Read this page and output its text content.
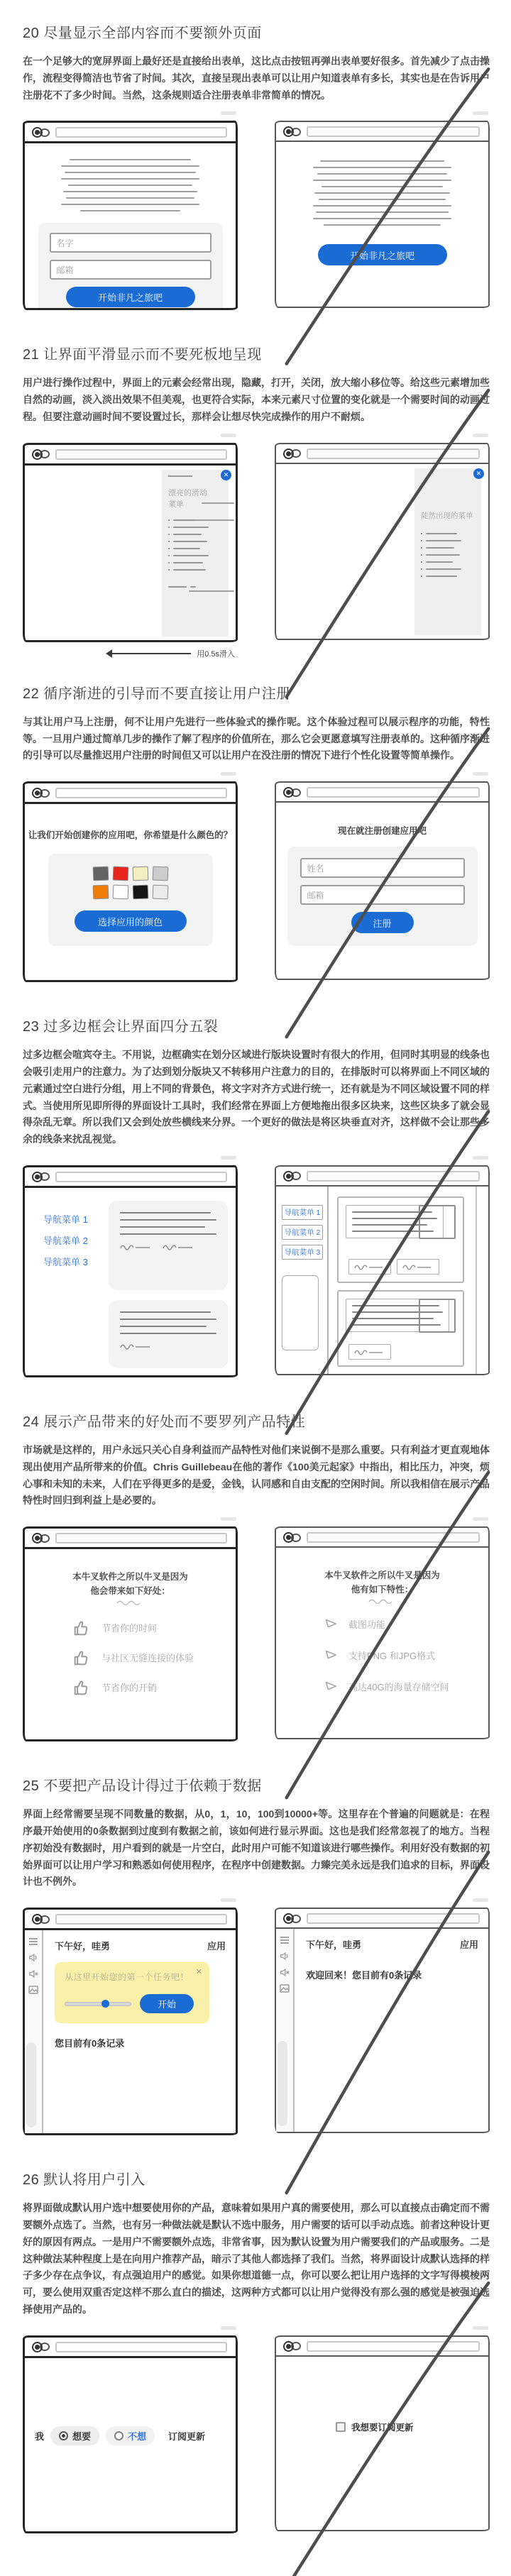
20 尽量显示全部内容而不要额外页面

在一个足够大的宽屏界面上最好还是直接给出表单，这比点击按钮再弹出表单要好很多。首先减少了点击操作，流程变得简洁也节省了时间。其次，直接呈现出表单可以让用户知道表单有多长，其实也是在告诉用户注册花不了多少时间。当然，这条规则适合注册表单非常简单的情况。

名字
邮箱
开始非凡之旅吧
开始非凡之旅吧
21 让界面平滑显示而不要死板地呈现

用户进行操作过程中，界面上的元素会经常出现，隐藏，打开，关闭，放大缩小移位等。给这些元素增加些自然的动画，淡入淡出效果不但美观，也更符合实际，本来元素尺寸位置的变化就是一个需要时间的动画过程。但要注意动画时间不要设置过长，那样会让想尽快完成操作的用户不耐烦。

✕
漂亮的滑动菜单
用0.5s滑入
✕
陡然出现的菜单
22 循序渐进的引导而不要直接让用户注册

与其让用户马上注册，何不让用户先进行一些体验式的操作呢。这个体验过程可以展示程序的功能，特性等。一旦用户通过简单几步的操作了解了程序的价值所在，那么它会更愿意填写注册表单的。这种循序渐进的引导可以尽量推迟用户注册的时间但又可以让用户在没注册的情况下进行个性化设置等简单操作。

让我们开始创建你的应用吧，你希望是什么颜色的？
选择应用的颜色
现在就注册创建应用吧
姓名
邮箱
注册
23 过多边框会让界面四分五裂

过多边框会喧宾夺主。不用说，边框确实在划分区域进行版块设置时有很大的作用，但同时其明显的线条也会吸引走用户的注意力。为了达到划分版块又不转移用户注意力的目的，在排版时可以将界面上不同区域的元素通过空白进行分组，用上不同的背景色，将文字对齐方式进行统一，还有就是为不同区域设置不同的样式。当使用所见即所得的界面设计工具时，我们经常在界面上方便地拖出很多区块来，这些区块多了就会显得杂乱无章。所以我们又会到处放些横线来分界。一个更好的做法是将区块垂直对齐，这样做不会让那些多余的线条来扰乱视觉。

导航菜单 1
导航菜单 2
导航菜单 3
导航菜单 1
导航菜单 2
导航菜单 3
24 展示产品带来的好处而不要罗列产品特性

市场就是这样的，用户永远只关心自身利益而产品特性对他们来说倒不是那么重要。只有利益才更直观地体现出使用产品所带来的价值。Chris Guillebeau在他的著作《100美元起家》中指出，相比压力，冲突，烦心事和未知的未来，人们在乎得更多的是爱，金钱，认同感和自由支配的空闲时间。所以我相信在展示产品特性时回归到利益上是必要的。

本牛叉软件之所以牛叉是因为
他会带来如下好处：
节省你的时间
与社区无缝连接的体验
节省你的开销
本牛叉软件之所以牛叉是因为
他有如下特性：
截图功能
支持PNG 和JPG格式
高达40G的海量存储空间
25 不要把产品设计得过于依赖于数据

界面上经常需要呈现不同数量的数据，从0，1，10，100到10000+等。这里存在个普遍的问题就是：在程序最开始使用的0条数据到过度到有数据之前，该如何进行显示界面。这也是我们经常忽视了的地方。当程序初始没有数据时，用户看到的就是一片空白，此时用户可能不知道该进行哪些操作。利用好没有数据的初始界面可以让用户学习和熟悉如何使用程序，在程序中创建数据。力臻完美永远是我们追求的目标，界面设计也不例外。

下午好，哇勇	应用
✕
从这里开始您的第一个任务吧！
开始
您目前有0条记录
下午好，哇勇	应用
欢迎回来！您目前有0条记录
26 默认将用户引入

将界面做成默认用户选中想要使用你的产品，意味着如果用户真的需要使用，那么可以直接点击确定而不需要额外点选了。当然，也有另一种做法就是默认不选中服务，用户需要的话可以手动点选。前者这种设计更好的原因有两点。一是用户不需要额外点选，非常省事，因为默认设置为用户需要我们的产品或服务。二是这种做法某种程度上是在向用户推荐产品，暗示了其他人都选择了我们。当然，将界面设计成默认选择的样子多少存在点争议，有点强迫用户的感觉。如果你想道德一点，你可以要么把让用户选择的文字写得模棱两可，要么使用双重否定这样不那么直白的描述，这两种方式都可以让用户觉得没有那么强的感觉是被强迫选择使用产品的。

我	想要	不想 订阅更新
我想要订阅更新
